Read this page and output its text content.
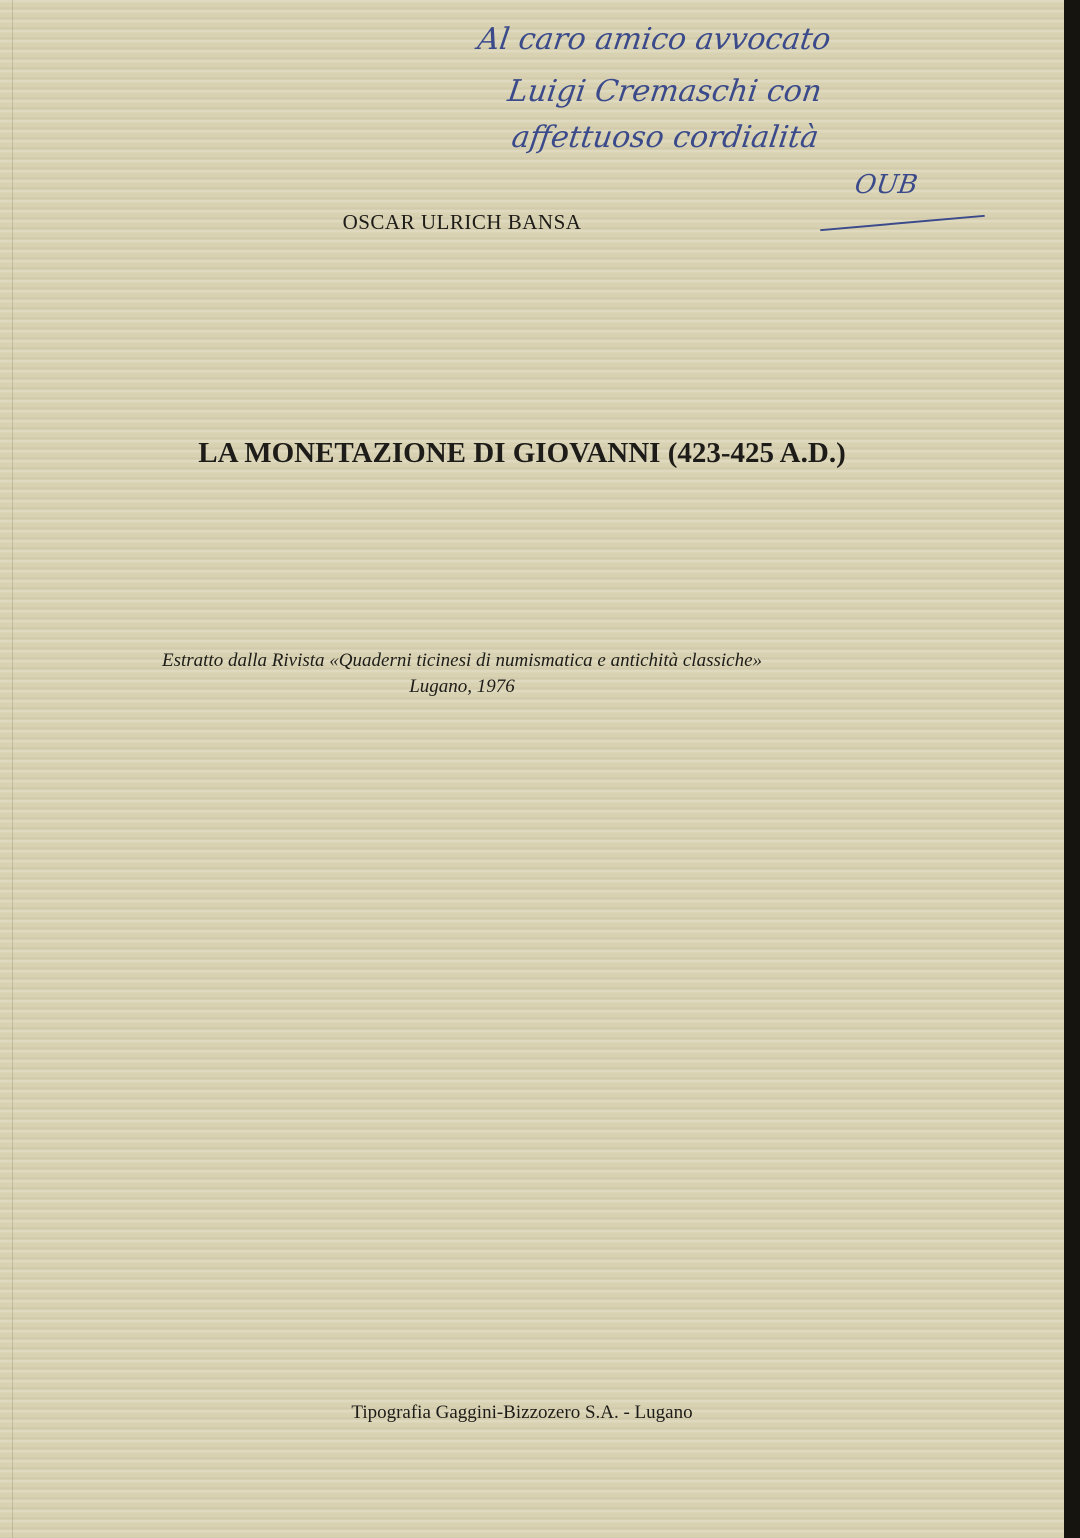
Al caro amico avvocato
Luigi Cremaschi con
affettuoso cordialità
OUB
OSCAR ULRICH BANSA
LA MONETAZIONE DI GIOVANNI (423-425 A.D.)
Estratto dalla Rivista «Quaderni ticinesi di numismatica e antichità classiche»
Lugano, 1976
Tipografia Gaggini-Bizzozero S.A. - Lugano
